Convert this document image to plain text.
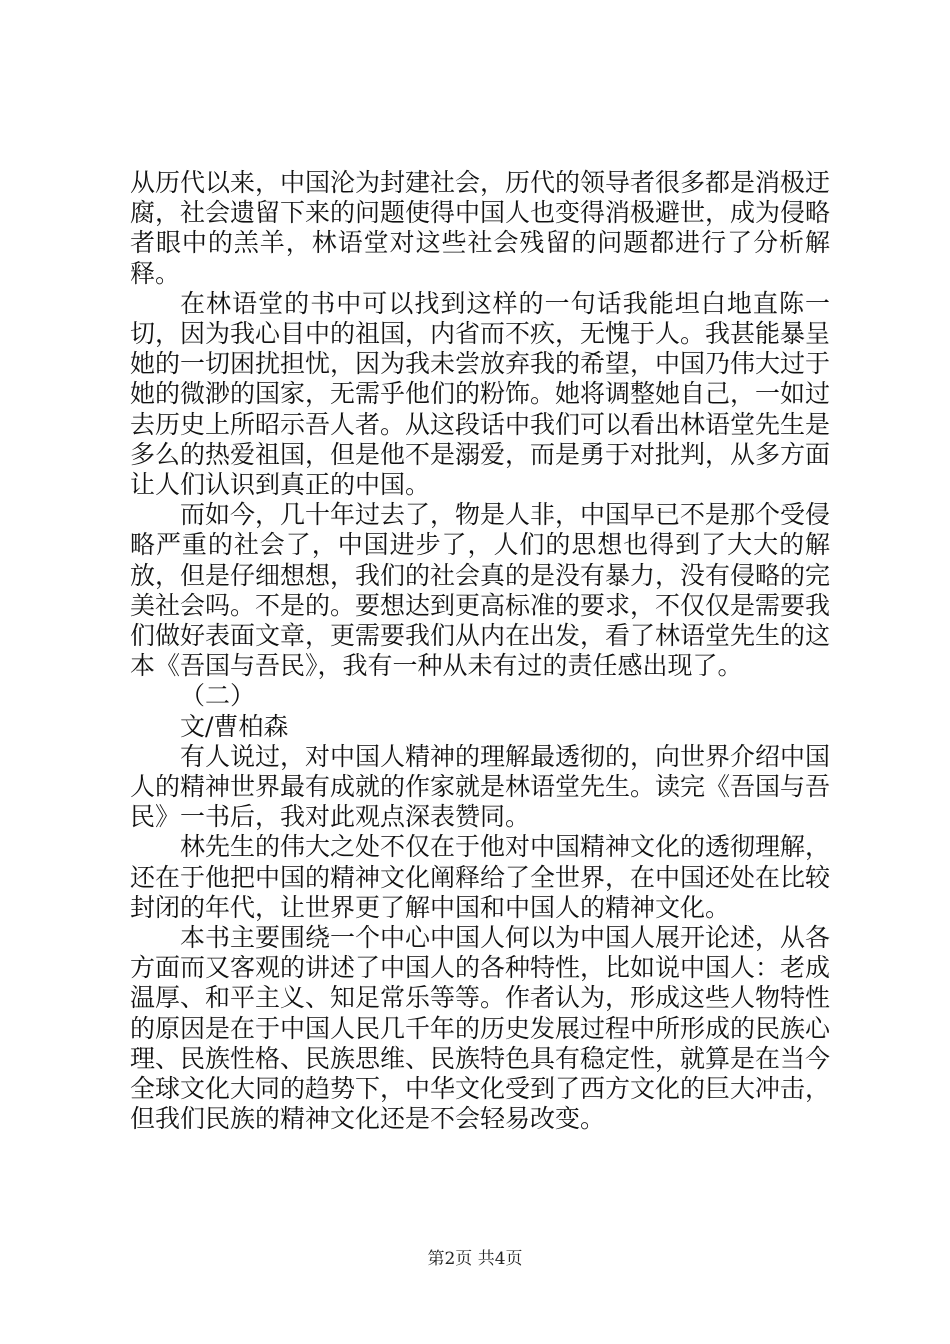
从历代以来，中国沦为封建社会，历代的领导者很多都是消极迂腐，社会遗留下来的问题使得中国人也变得消极避世，成为侵略者眼中的羔羊，林语堂对这些社会残留的问题都进行了分析解释。

在林语堂的书中可以找到这样的一句话我能坦白地直陈一切，因为我心目中的祖国，内省而不疚，无愧于人。我甚能暴呈她的一切困扰担忧，因为我未尝放弃我的希望，中国乃伟大过于她的微渺的国家，无需乎他们的粉饰。她将调整她自己，一如过去历史上所昭示吾人者。从这段话中我们可以看出林语堂先生是多么的热爱祖国，但是他不是溺爱，而是勇于对批判，从多方面让人们认识到真正的中国。

而如今，几十年过去了，物是人非，中国早已不是那个受侵略严重的社会了，中国进步了，人们的思想也得到了大大的解放，但是仔细想想，我们的社会真的是没有暴力，没有侵略的完美社会吗。不是的。要想达到更高标准的要求，不仅仅是需要我们做好表面文章，更需要我们从内在出发，看了林语堂先生的这本《吾国与吾民》，我有一种从未有过的责任感出现了。

（二）

文/曹柏森

有人说过，对中国人精神的理解最透彻的，向世界介绍中国人的精神世界最有成就的作家就是林语堂先生。读完《吾国与吾民》一书后，我对此观点深表赞同。

林先生的伟大之处不仅在于他对中国精神文化的透彻理解，还在于他把中国的精神文化阐释给了全世界，在中国还处在比较封闭的年代，让世界更了解中国和中国人的精神文化。

本书主要围绕一个中心中国人何以为中国人展开论述，从各方面而又客观的讲述了中国人的各种特性，比如说中国人：老成温厚、和平主义、知足常乐等等。作者认为，形成这些人物特性的原因是在于中国人民几千年的历史发展过程中所形成的民族心理、民族性格、民族思维、民族特色具有稳定性，就算是在当今全球文化大同的趋势下，中华文化受到了西方文化的巨大冲击，但我们民族的精神文化还是不会轻易改变。

第2页 共4页
